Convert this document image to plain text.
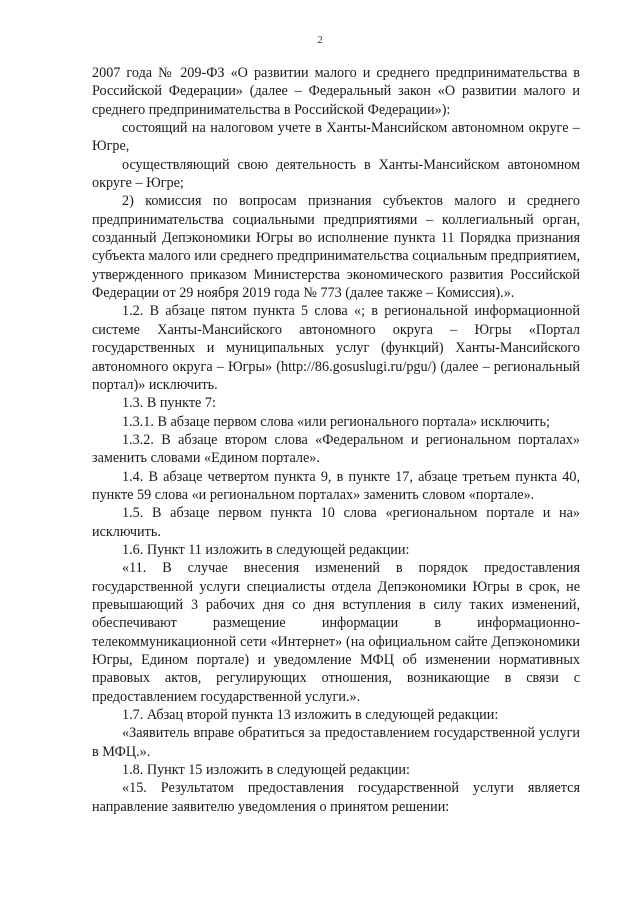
2

2007 года № 209-ФЗ «О развитии малого и среднего предпринимательства в Российской Федерации» (далее – Федеральный закон «О развитии малого и среднего предпринимательства в Российской Федерации»):

состоящий на налоговом учете в Ханты-Мансийском автономном округе – Югре,

осуществляющий свою деятельность в Ханты-Мансийском автономном округе – Югре;

2) комиссия по вопросам признания субъектов малого и среднего предпринимательства социальными предприятиями – коллегиальный орган, созданный Депэкономики Югры во исполнение пункта 11 Порядка признания субъекта малого или среднего предпринимательства социальным предприятием, утвержденного приказом Министерства экономического развития Российской Федерации от 29 ноября 2019 года № 773 (далее также – Комиссия).».

1.2. В абзаце пятом пункта 5 слова «; в региональной информационной системе Ханты-Мансийского автономного округа – Югры «Портал государственных и муниципальных услуг (функций) Ханты-Мансийского автономного округа – Югры» (http://86.gosuslugi.ru/pgu/) (далее – региональный портал)» исключить.

1.3. В пункте 7:

1.3.1. В абзаце первом слова «или регионального портала» исключить;

1.3.2. В абзаце втором слова «Федеральном и региональном порталах» заменить словами «Едином портале».

1.4. В абзаце четвертом пункта 9, в пункте 17, абзаце третьем пункта 40, пункте 59 слова «и региональном порталах» заменить словом «портале».

1.5. В абзаце первом пункта 10 слова «региональном портале и на» исключить.

1.6. Пункт 11 изложить в следующей редакции:

«11. В случае внесения изменений в порядок предоставления государственной услуги специалисты отдела Депэкономики Югры в срок, не превышающий 3 рабочих дня со дня вступления в силу таких изменений, обеспечивают размещение информации в информационно-телекоммуникационной сети «Интернет» (на официальном сайте Депэкономики Югры, Едином портале) и уведомление МФЦ об изменении нормативных правовых актов, регулирующих отношения, возникающие в связи с предоставлением государственной услуги.».

1.7. Абзац второй пункта 13 изложить в следующей редакции:

«Заявитель вправе обратиться за предоставлением государственной услуги в МФЦ.».

1.8. Пункт 15 изложить в следующей редакции:

«15. Результатом предоставления государственной услуги является направление заявителю уведомления о принятом решении:
